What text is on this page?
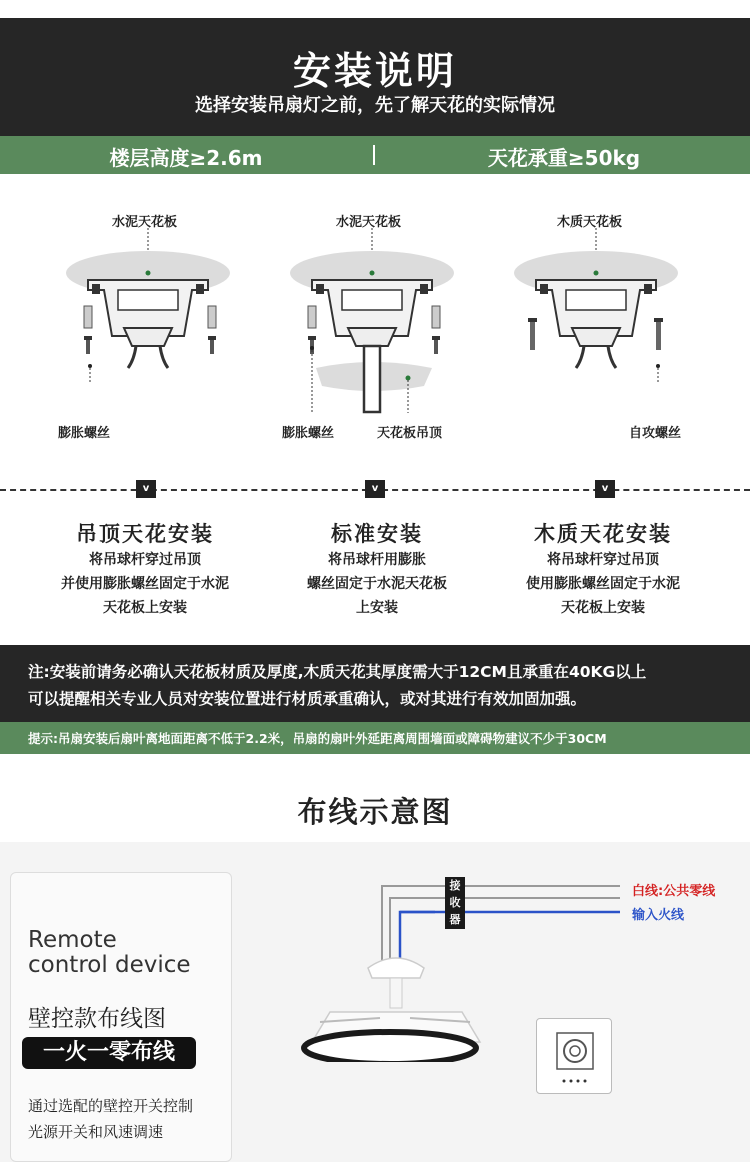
安装说明
选择安装吊扇灯之前，先了解天花的实际情况
楼层高度≥2.6m	天花承重≥50kg
水泥天花板
膨胀螺丝
水泥天花板
膨胀螺丝	天花板吊顶
木质天花板
自攻螺丝
v	v	v
吊顶天花安装
将吊球杆穿过吊顶
并使用膨胀螺丝固定于水泥
天花板上安装
标准安装
将吊球杆用膨胀
螺丝固定于水泥天花板
上安装
木质天花安装
将吊球杆穿过吊顶
使用膨胀螺丝固定于水泥
天花板上安装
注:安装前请务必确认天花板材质及厚度,木质天花其厚度需大于12CM且承重在40KG以上
可以提醒相关专业人员对安装位置进行材质承重确认，或对其进行有效加固加强。
提示:吊扇安装后扇叶离地面距离不低于2.2米，吊扇的扇叶外延距离周围墙面或障碍物建议不少于30CM
布线示意图
Remote
control device
壁控款布线图
一火一零布线
通过选配的壁控开关控制
光源开关和风速调速
接
收
器
白线:公共零线
输入火线
